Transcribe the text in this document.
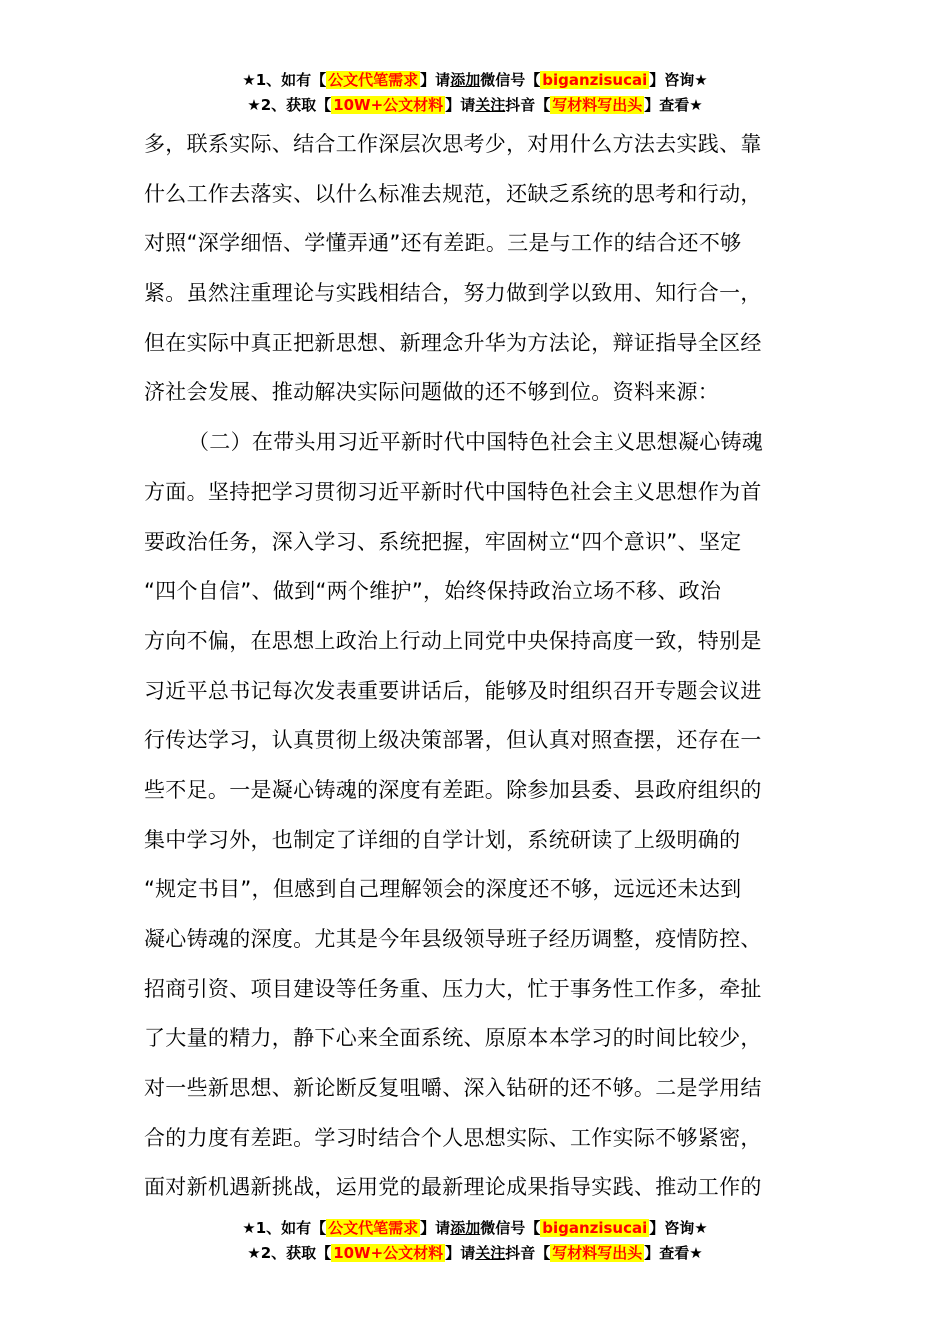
★1、如有【 公文代笔需求 】请添加微信号【 biganzisucai 】咨询★
★2、获取【 10W+公文材料 】请关注抖音【 写材料写出头 】查看★
多，联系实际、结合工作深层次思考少，对用什么方法去实践、靠
什么工作去落实、以什么标准去规范，还缺乏系统的思考和行动，
对照“深学细悟、学懂弄通”还有差距。三是与工作的结合还不够
紧。虽然注重理论与实践相结合，努力做到学以致用、知行合一，
但在实际中真正把新思想、新理念升华为方法论，辩证指导全区经
济社会发展、推动解决实际问题做的还不够到位。资料来源：
（二）在带头用习近平新时代中国特色社会主义思想凝心铸魂
方面。坚持把学习贯彻习近平新时代中国特色社会主义思想作为首
要政治任务，深入学习、系统把握，牢固树立“四个意识”、坚定
“四个自信”、做到“两个维护”，始终保持政治立场不移、政治
方向不偏，在思想上政治上行动上同党中央保持高度一致，特别是
习近平总书记每次发表重要讲话后，能够及时组织召开专题会议进
行传达学习，认真贯彻上级决策部署，但认真对照查摆，还存在一
些不足。一是凝心铸魂的深度有差距。除参加县委、县政府组织的
集中学习外，也制定了详细的自学计划，系统研读了上级明确的
“规定书目”，但感到自己理解领会的深度还不够，远远还未达到
凝心铸魂的深度。尤其是今年县级领导班子经历调整，疫情防控、
招商引资、项目建设等任务重、压力大，忙于事务性工作多，牵扯
了大量的精力，静下心来全面系统、原原本本学习的时间比较少，
对一些新思想、新论断反复咀嚼、深入钻研的还不够。二是学用结
合的力度有差距。学习时结合个人思想实际、工作实际不够紧密，
面对新机遇新挑战，运用党的最新理论成果指导实践、推动工作的
★1、如有【 公文代笔需求 】请添加微信号【 biganzisucai 】咨询★
★2、获取【 10W+公文材料 】请关注抖音【 写材料写出头 】查看★
